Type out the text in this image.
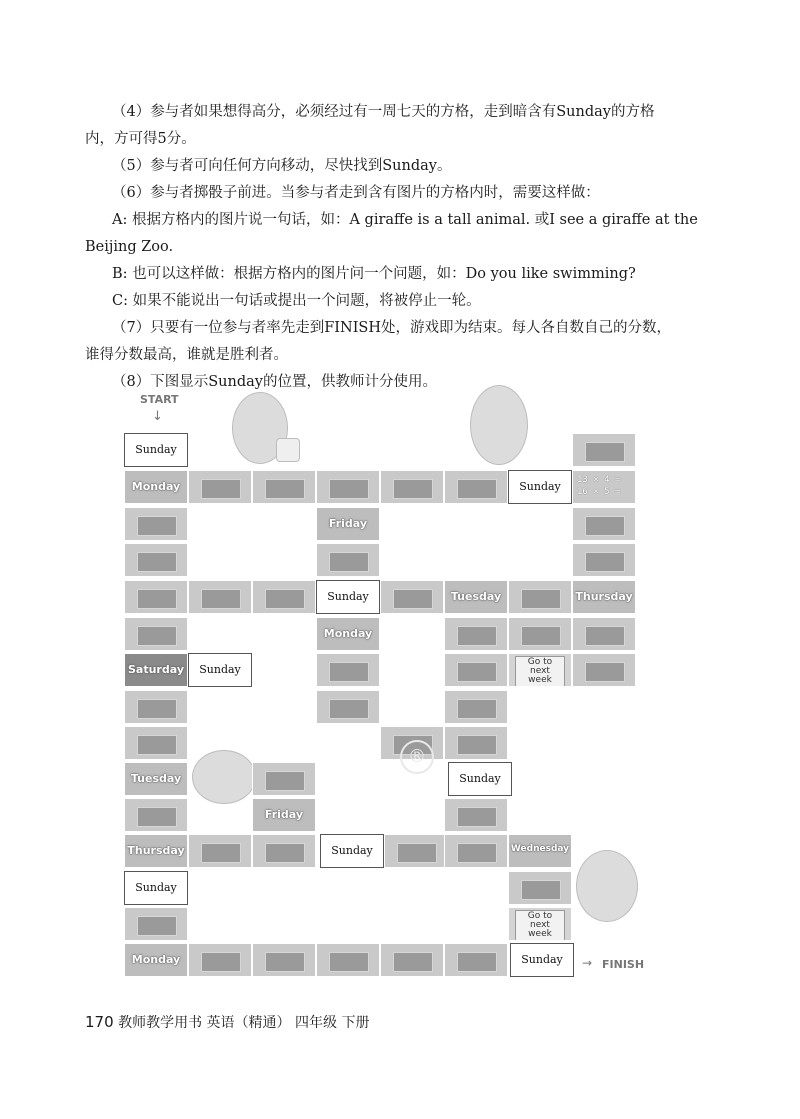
（4）参与者如果想得高分，必须经过有一周七天的方格，走到暗含有Sunday的方格
内，方可得5分。
（5）参与者可向任何方向移动，尽快找到Sunday。
（6）参与者掷骰子前进。当参与者走到含有图片的方格内时，需要这样做：
A: 根据方格内的图片说一句话，如：A giraffe is a tall animal. 或I see a giraffe at the
Beijing Zoo.
B: 也可以这样做：根据方格内的图片问一个问题，如：Do you like swimming?
C: 如果不能说出一句话或提出一个问题，将被停止一轮。
（7）只要有一位参与者率先走到FINISH处，游戏即为结束。每人各自数自己的分数，
谁得分数最高，谁就是胜利者。
（8）下图显示Sunday的位置，供教师计分使用。
START
↓
Sunday
Monday	Sunday	13 × 4 =
16 × 5 =
Friday
Sunday	Tuesday	Thursday
Monday
Saturday	Sunday
Go to next week
Tuesday	Sunday
Friday
Thursday	Sunday	Wednesday
Sunday
Go to next week
Monday	Sunday	→ FINISH
®
170 教师教学用书 英语（精通） 四年级 下册
